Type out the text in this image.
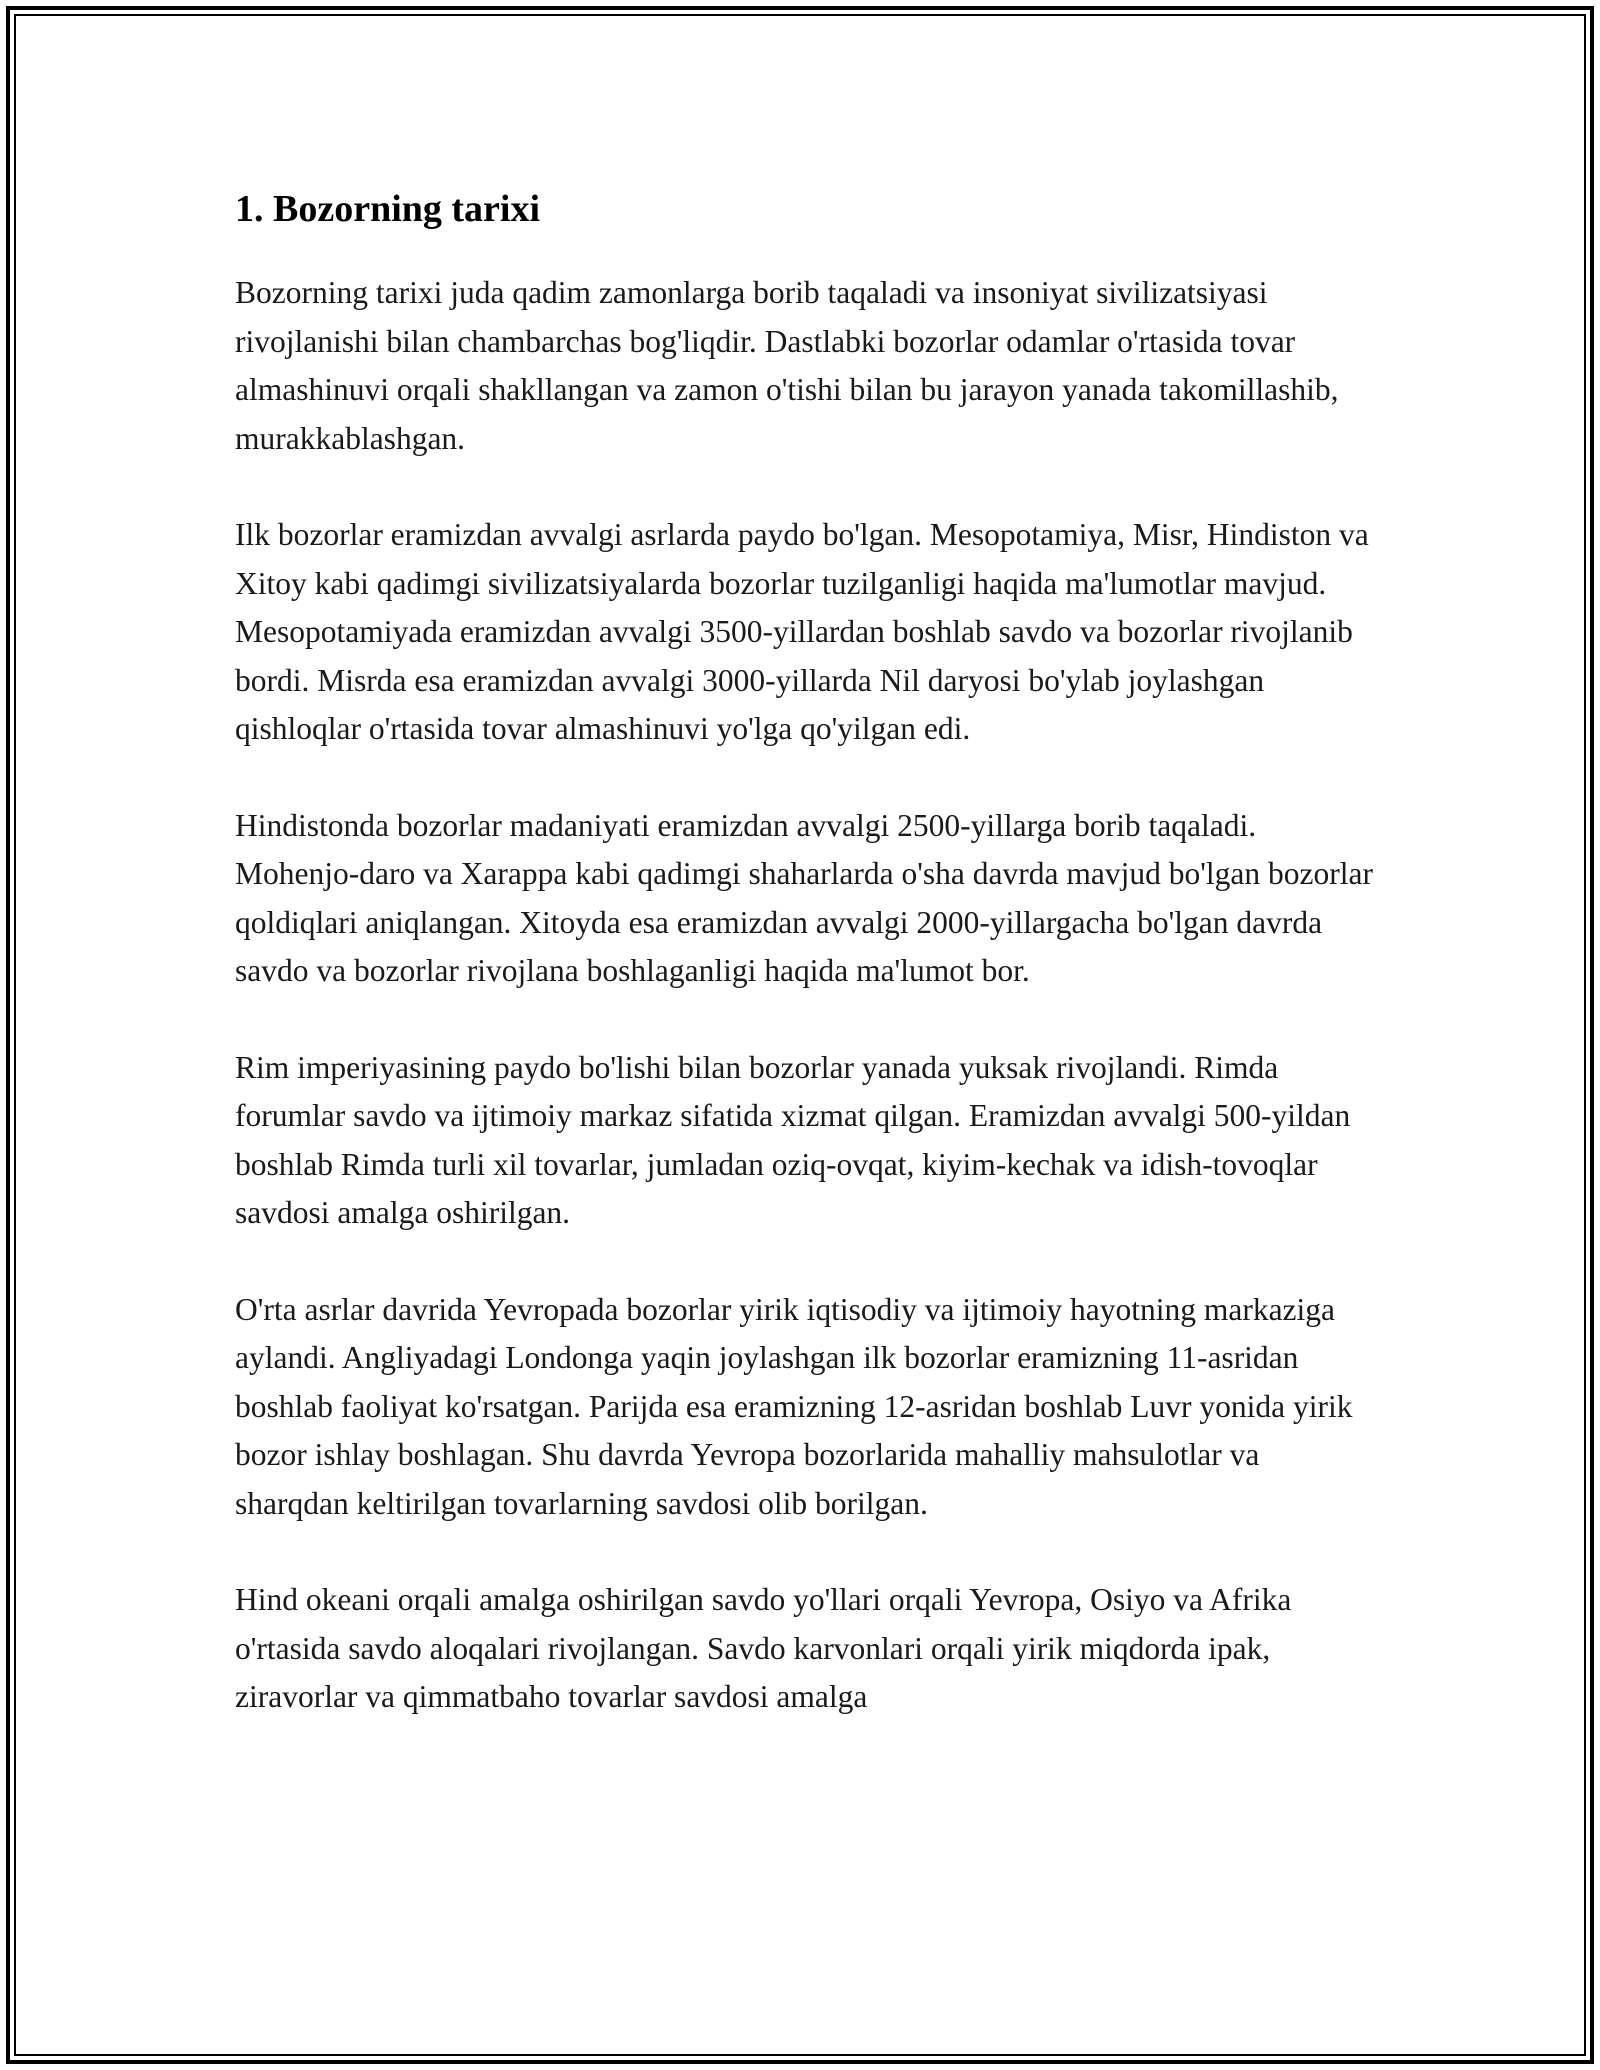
1. Bozorning tarixi

Bozorning tarixi juda qadim zamonlarga borib taqaladi va insoniyat sivilizatsiyasi rivojlanishi bilan chambarchas bog'liqdir. Dastlabki bozorlar odamlar o'rtasida tovar almashinuvi orqali shakllangan va zamon o'tishi bilan bu jarayon yanada takomillashib, murakkablashgan.

Ilk bozorlar eramizdan avvalgi asrlarda paydo bo'lgan. Mesopotamiya, Misr, Hindiston va Xitoy kabi qadimgi sivilizatsiyalarda bozorlar tuzilganligi haqida ma'lumotlar mavjud. Mesopotamiyada eramizdan avvalgi 3500-yillardan boshlab savdo va bozorlar rivojlanib bordi. Misrda esa eramizdan avvalgi 3000-yillarda Nil daryosi bo'ylab joylashgan qishloqlar o'rtasida tovar almashinuvi yo'lga qo'yilgan edi.

Hindistonda bozorlar madaniyati eramizdan avvalgi 2500-yillarga borib taqaladi. Mohenjo-daro va Xarappa kabi qadimgi shaharlarda o'sha davrda mavjud bo'lgan bozorlar qoldiqlari aniqlangan. Xitoyda esa eramizdan avvalgi 2000-yillargacha bo'lgan davrda savdo va bozorlar rivojlana boshlaganligi haqida ma'lumot bor.

Rim imperiyasining paydo bo'lishi bilan bozorlar yanada yuksak rivojlandi. Rimda forumlar savdo va ijtimoiy markaz sifatida xizmat qilgan. Eramizdan avvalgi 500-yildan boshlab Rimda turli xil tovarlar, jumladan oziq-ovqat, kiyim-kechak va idish-tovoqlar savdosi amalga oshirilgan.

O'rta asrlar davrida Yevropada bozorlar yirik iqtisodiy va ijtimoiy hayotning markaziga aylandi. Angliyadagi Londonga yaqin joylashgan ilk bozorlar eramizning 11-asridan boshlab faoliyat ko'rsatgan. Parijda esa eramizning 12-asridan boshlab Luvr yonida yirik bozor ishlay boshlagan. Shu davrda Yevropa bozorlarida mahalliy mahsulotlar va sharqdan keltirilgan tovarlarning savdosi olib borilgan.

Hind okeani orqali amalga oshirilgan savdo yo'llari orqali Yevropa, Osiyo va Afrika o'rtasida savdo aloqalari rivojlangan. Savdo karvonlari orqali yirik miqdorda ipak, ziravorlar va qimmatbaho tovarlar savdosi amalga
